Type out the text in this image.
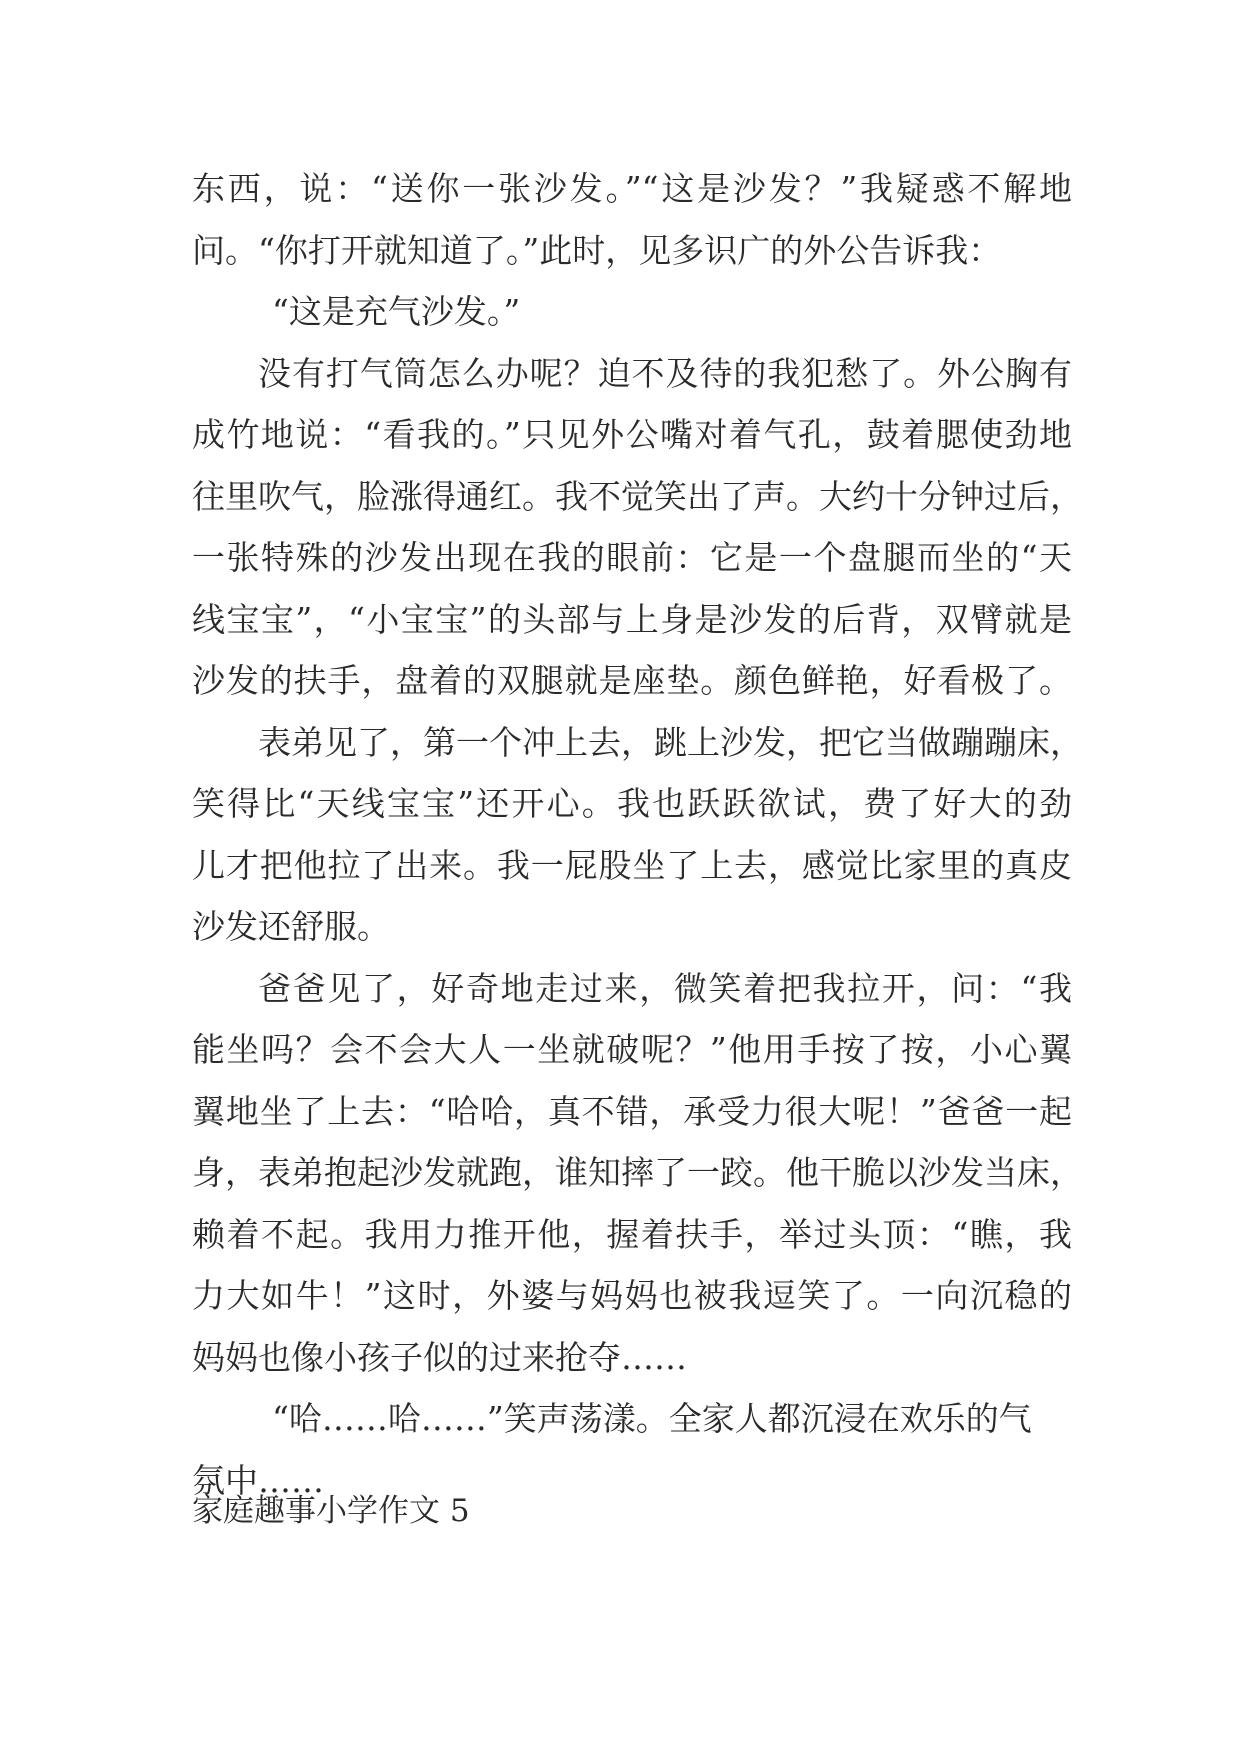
东西，说：“送你一张沙发。”“这是沙发？”我疑惑不解地
问。“你打开就知道了。”此时，见多识广的外公告诉我：
“这是充气沙发。”
没有打气筒怎么办呢？迫不及待的我犯愁了。外公胸有
成竹地说：“看我的。”只见外公嘴对着气孔，鼓着腮使劲地
往里吹气，脸涨得通红。我不觉笑出了声。大约十分钟过后，
一张特殊的沙发出现在我的眼前：它是一个盘腿而坐的“天
线宝宝”，“小宝宝”的头部与上身是沙发的后背，双臂就是
沙发的扶手，盘着的双腿就是座垫。颜色鲜艳，好看极了。
表弟见了，第一个冲上去，跳上沙发，把它当做蹦蹦床，
笑得比“天线宝宝”还开心。我也跃跃欲试，费了好大的劲
儿才把他拉了出来。我一屁股坐了上去，感觉比家里的真皮
沙发还舒服。
爸爸见了，好奇地走过来，微笑着把我拉开，问：“我
能坐吗？会不会大人一坐就破呢？”他用手按了按，小心翼
翼地坐了上去：“哈哈，真不错，承受力很大呢！”爸爸一起
身，表弟抱起沙发就跑，谁知摔了一跤。他干脆以沙发当床，
赖着不起。我用力推开他，握着扶手，举过头顶：“瞧，我
力大如牛！”这时，外婆与妈妈也被我逗笑了。一向沉稳的
妈妈也像小孩子似的过来抢夺……
“哈……哈……”笑声荡漾。全家人都沉浸在欢乐的气
氛中……
家庭趣事小学作文 5
